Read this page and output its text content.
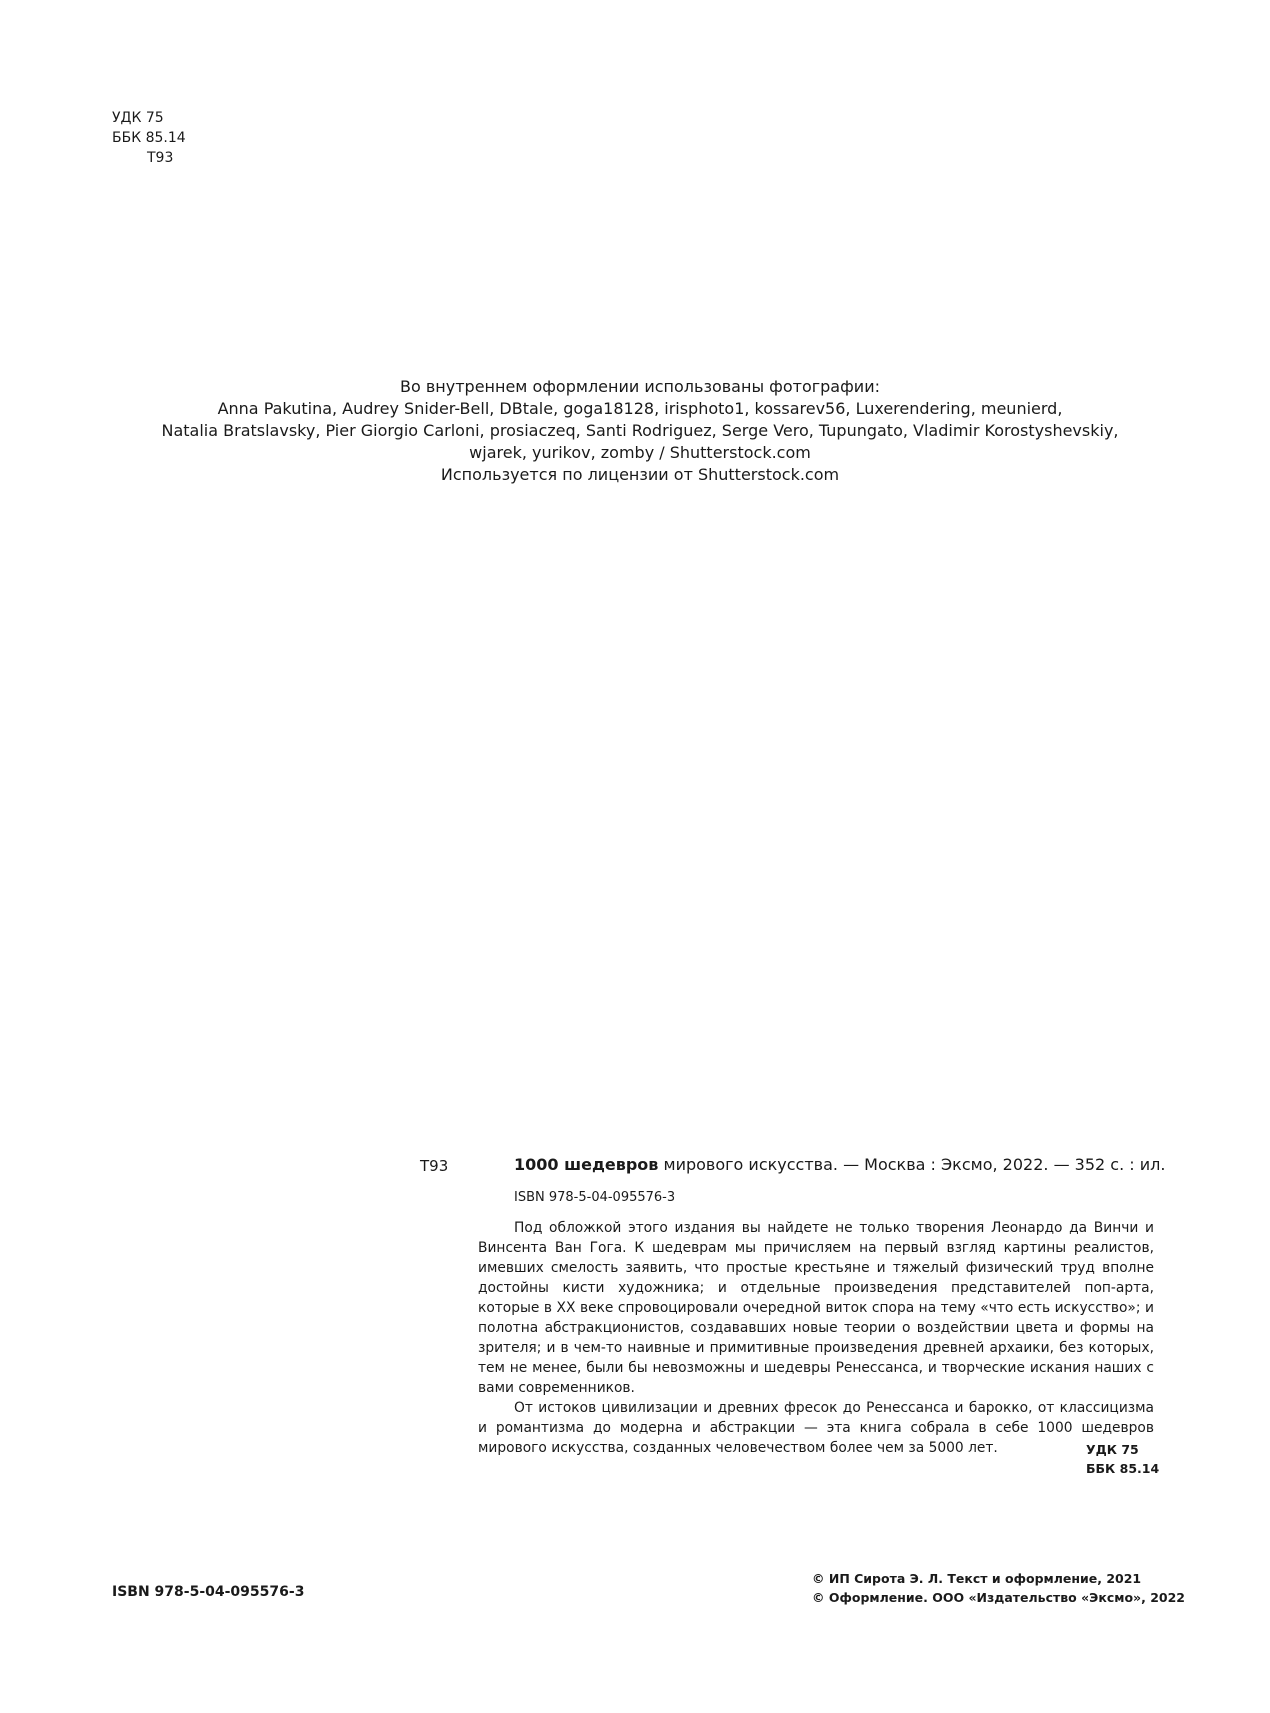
УДК 75
ББК 85.14
Т93
Во внутреннем оформлении использованы фотографии:
Anna Pakutina, Audrey Snider-Bell, DBtale, goga18128, irisphoto1, kossarev56, Luxerendering, meunierd,
Natalia Bratslavsky, Pier Giorgio Carloni, prosiaczeq, Santi Rodriguez, Serge Vero, Tupungato, Vladimir Korostyshevskiy,
wjarek, yurikov, zomby / Shutterstock.com
Используется по лицензии от Shutterstock.com
Т93	1000 шедевров мирового искусства. — Москва : Эксмо, 2022. — 352 с. : ил.
ISBN 978-5-04-095576-3

Под обложкой этого издания вы найдете не только творения Леонардо да Винчи и Винсента Ван Гога. К шедеврам мы причисляем на первый взгляд картины реалистов, имевших смелость заявить, что простые крестьяне и тяжелый физический труд вполне достойны кисти художника; и отдельные произведения представителей поп-арта, которые в XX веке спровоцировали очередной виток спора на тему «что есть искусство»; и полотна абстракционистов, создававших новые теории о воздействии цвета и формы на зрителя; и в чем-то наивные и примитивные произведения древней архаики, без которых, тем не менее, были бы невозможны и шедевры Ренессанса, и творческие искания наших с вами современников.

От истоков цивилизации и древних фресок до Ренессанса и барокко, от классицизма и романтизма до модерна и абстракции — эта книга собрала в себе 1000 шедевров мирового искусства, созданных человечеством более чем за 5000 лет.	УДК 75
ББК 85.14
ISBN 978-5-04-095576-3
© ИП Сирота Э. Л. Текст и оформление, 2021
© Оформление. ООО «Издательство «Эксмо», 2022
